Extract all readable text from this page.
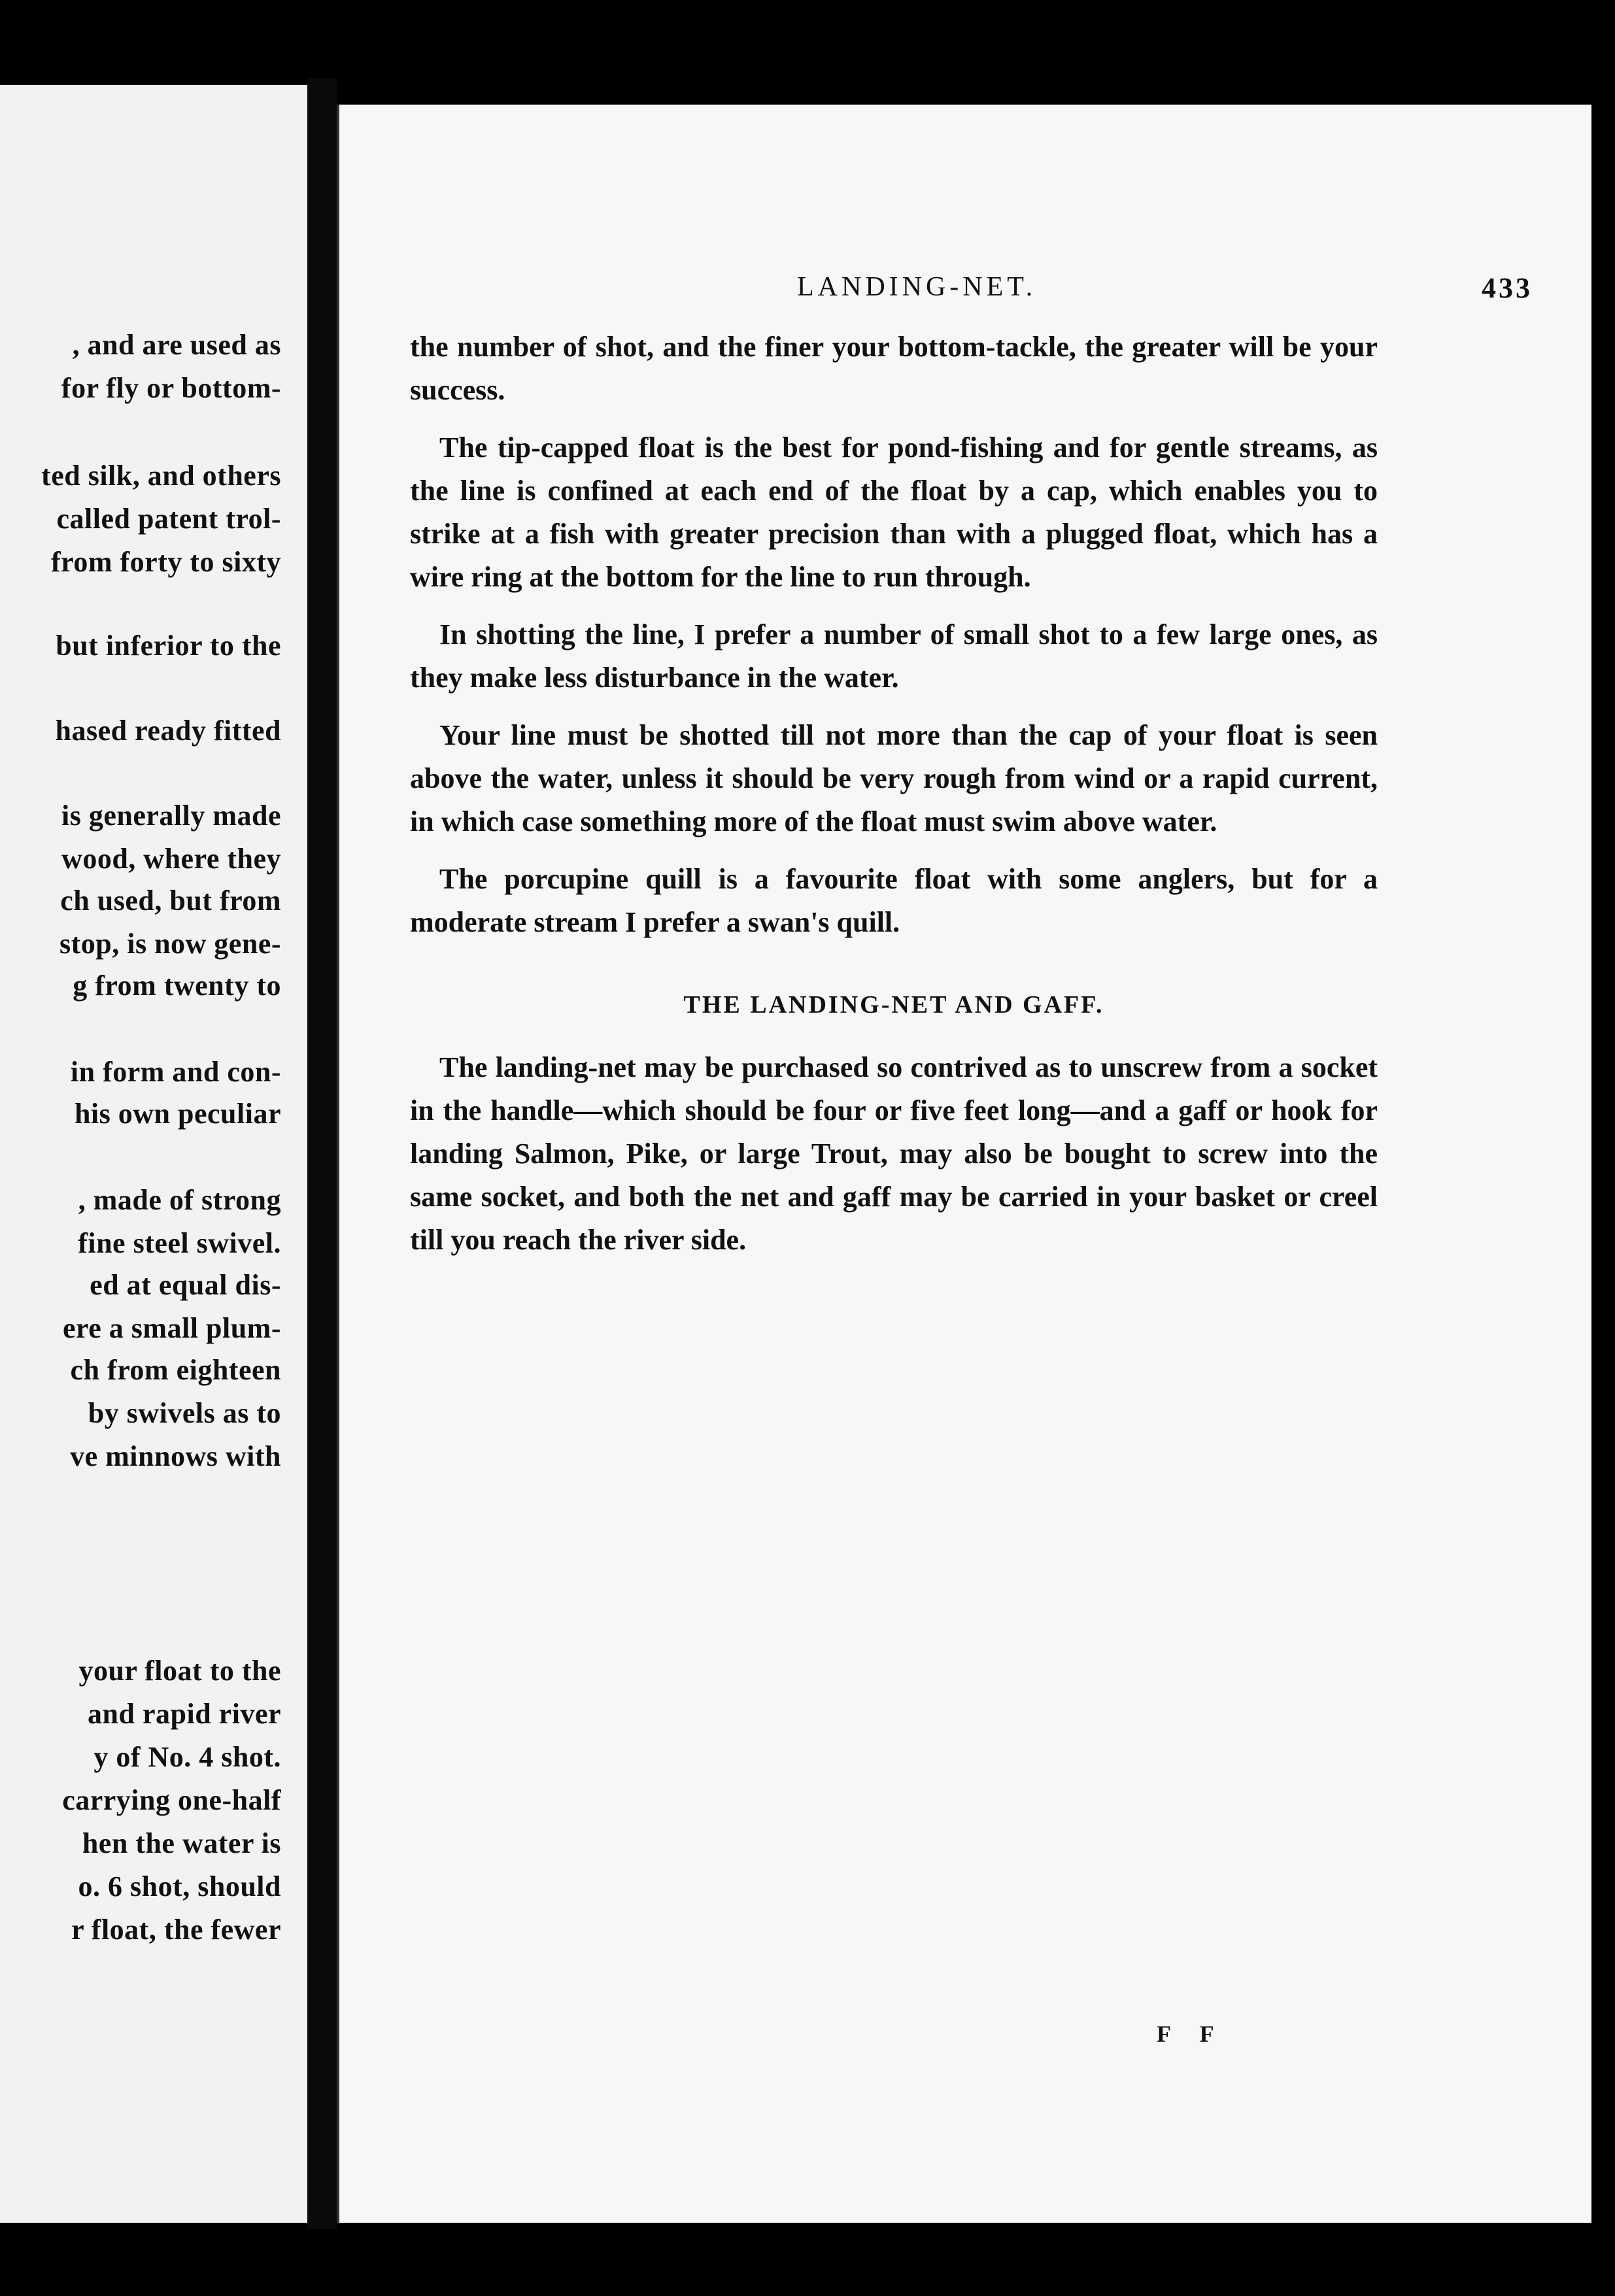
, and are used as
for fly or bottom-
ted silk, and others
called patent trol-
from forty to sixty
but inferior to the
hased ready fitted
is generally made
wood, where they
ch used, but from
stop, is now gene-
g from twenty to
in form and con-
his own peculiar
, made of strong
fine steel swivel.
ed at equal dis-
ere a small plum-
ch from eighteen
by swivels as to
ve minnows with
your float to the
and rapid river
y of No. 4 shot.
carrying one-half
hen the water is
o. 6 shot, should
r float, the fewer
LANDING-NET.	433

the number of shot, and the finer your bottom-tackle, the greater will be your success.

The tip-capped float is the best for pond-fishing and for gentle streams, as the line is confined at each end of the float by a cap, which enables you to strike at a fish with greater precision than with a plugged float, which has a wire ring at the bottom for the line to run through.

In shotting the line, I prefer a number of small shot to a few large ones, as they make less disturbance in the water.

Your line must be shotted till not more than the cap of your float is seen above the water, unless it should be very rough from wind or a rapid current, in which case something more of the float must swim above water.

The porcupine quill is a favourite float with some anglers, but for a moderate stream I prefer a swan's quill.

THE LANDING-NET AND GAFF.

The landing-net may be purchased so contrived as to unscrew from a socket in the handle—which should be four or five feet long—and a gaff or hook for landing Salmon, Pike, or large Trout, may also be bought to screw into the same socket, and both the net and gaff may be carried in your basket or creel till you reach the river side.

F F
